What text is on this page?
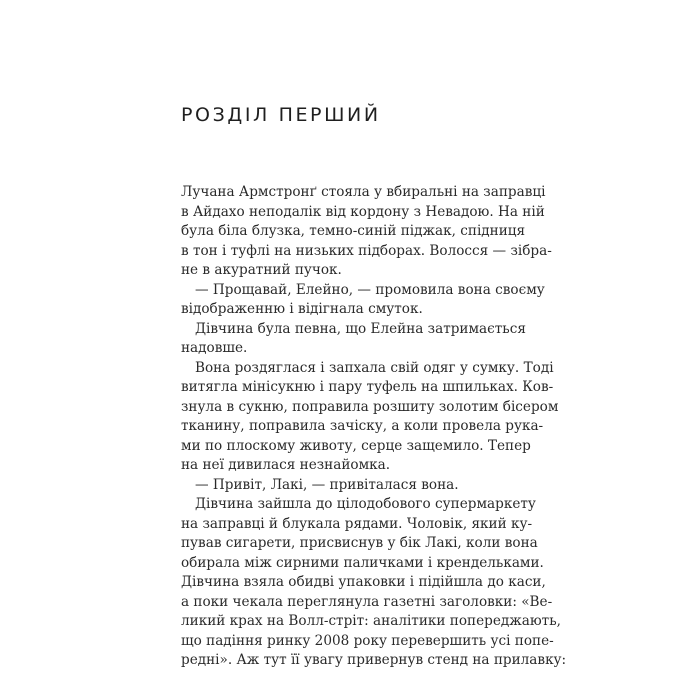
РОЗДІЛ ПЕРШИЙ
Лучана Армстронґ стояла у вбиральні на заправці
в Айдахо неподалік від кордону з Невадою. На ній
була біла блузка, темно-синій піджак, спідниця
в тон і туфлі на низьких підборах. Волосся — зібра-
не в акуратний пучок.
— Прощавай, Елейно, — промовила вона своєму
відображенню і відігнала смуток.
Дівчина була певна, що Елейна затримається
надовше.
Вона роздяглася і запхала свій одяг у сумку. Тоді
витягла мінісукню і пару туфель на шпильках. Ков-
знула в сукню, поправила розшиту золотим бісером
тканину, поправила зачіску, а коли провела рука-
ми по плоскому животу, серце защемило. Тепер
на неї дивилася незнайомка.
— Привіт, Лакі, — привіталася вона.
Дівчина зайшла до цілодобового супермаркету
на заправці й блукала рядами. Чоловік, який ку-
пував сигарети, присвиснув у бік Лакі, коли вона
обирала між сирними паличками і крендельками.
Дівчина взяла обидві упаковки і підійшла до каси,
а поки чекала переглянула газетні заголовки: «Ве-
ликий крах на Волл-стріт: аналітики попереджають,
що падіння ринку 2008 року перевершить усі попе-
редні». Аж тут її увагу привернув стенд на прилавку:
